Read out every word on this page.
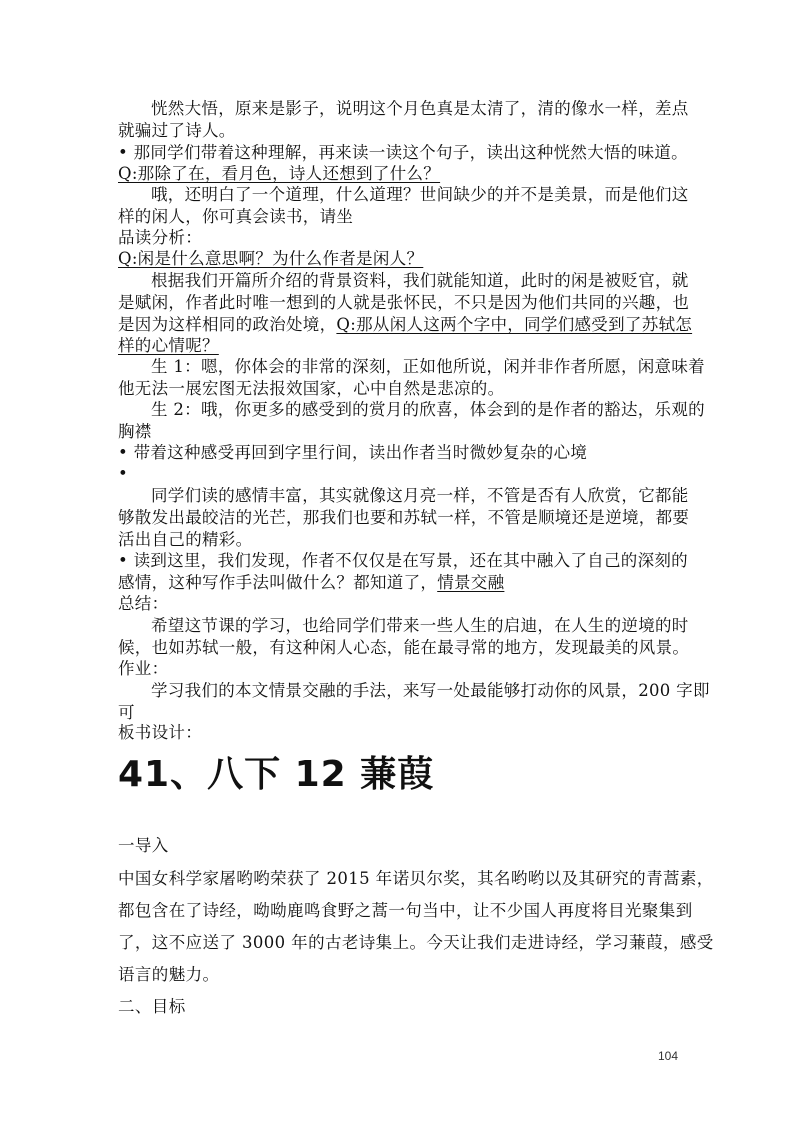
恍然大悟，原来是影子，说明这个月色真是太清了，清的像水一样，差点
就骗过了诗人。
• 那同学们带着这种理解，再来读一读这个句子，读出这种恍然大悟的味道。
Q:那除了在，看月色，诗人还想到了什么？
哦，还明白了一个道理，什么道理？世间缺少的并不是美景，而是他们这
样的闲人，你可真会读书，请坐
品读分析：
Q:闲是什么意思啊？为什么作者是闲人？
根据我们开篇所介绍的背景资料，我们就能知道，此时的闲是被贬官，就
是赋闲，作者此时唯一想到的人就是张怀民，不只是因为他们共同的兴趣，也
是因为这样相同的政治处境，Q:那从闲人这两个字中，同学们感受到了苏轼怎
样的心情呢？
生 1：嗯，你体会的非常的深刻，正如他所说，闲并非作者所愿，闲意味着
他无法一展宏图无法报效国家，心中自然是悲凉的。
生 2：哦，你更多的感受到的赏月的欣喜，体会到的是作者的豁达，乐观的
胸襟
• 带着这种感受再回到字里行间，读出作者当时微妙复杂的心境
•
同学们读的感情丰富，其实就像这月亮一样，不管是否有人欣赏，它都能
够散发出最皎洁的光芒，那我们也要和苏轼一样，不管是顺境还是逆境，都要
活出自己的精彩。
• 读到这里，我们发现，作者不仅仅是在写景，还在其中融入了自己的深刻的
感情，这种写作手法叫做什么？都知道了，情景交融
总结：
希望这节课的学习，也给同学们带来一些人生的启迪，在人生的逆境的时
候，也如苏轼一般，有这种闲人心态，能在最寻常的地方，发现最美的风景。
作业：
学习我们的本文情景交融的手法，来写一处最能够打动你的风景，200 字即
可
板书设计：
41、八下 12 蒹葭
一导入
中国女科学家屠哟哟荣获了 2015 年诺贝尔奖，其名哟哟以及其研究的青蒿素，
都包含在了诗经，呦呦鹿鸣食野之蒿一句当中，让不少国人再度将目光聚集到
了，这不应送了 3000 年的古老诗集上。今天让我们走进诗经，学习蒹葭，感受
语言的魅力。
二、目标
104
